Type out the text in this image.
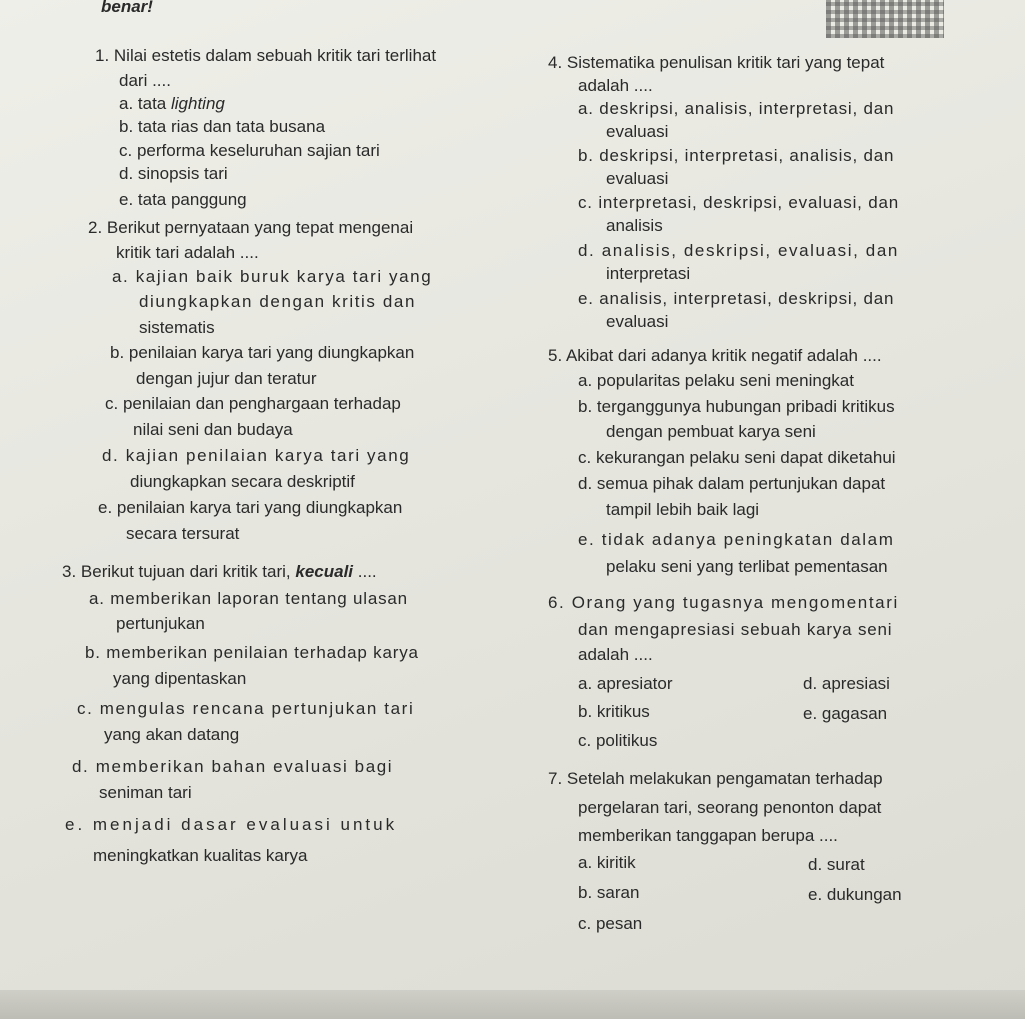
benar!
1. Nilai estetis dalam sebuah kritik tari terlihat
dari ....
a. tata lighting
b. tata rias dan tata busana
c. performa keseluruhan sajian tari
d. sinopsis tari
e. tata panggung
2. Berikut pernyataan yang tepat mengenai
kritik tari adalah ....
a. kajian baik buruk karya tari yang
diungkapkan dengan kritis dan
sistematis
b. penilaian karya tari yang diungkapkan
dengan jujur dan teratur
c. penilaian dan penghargaan terhadap
nilai seni dan budaya
d. kajian penilaian karya tari yang
diungkapkan secara deskriptif
e. penilaian karya tari yang diungkapkan
secara tersurat
3. Berikut tujuan dari kritik tari, kecuali ....
a. memberikan laporan tentang ulasan
pertunjukan
b. memberikan penilaian terhadap karya
yang dipentaskan
c. mengulas rencana pertunjukan tari
yang akan datang
d. memberikan bahan evaluasi bagi
seniman tari
e. menjadi dasar evaluasi untuk
meningkatkan kualitas karya
4. Sistematika penulisan kritik tari yang tepat
adalah ....
a. deskripsi, analisis, interpretasi, dan
evaluasi
b. deskripsi, interpretasi, analisis, dan
evaluasi
c. interpretasi, deskripsi, evaluasi, dan
analisis
d. analisis, deskripsi, evaluasi, dan
interpretasi
e. analisis, interpretasi, deskripsi, dan
evaluasi
5. Akibat dari adanya kritik negatif adalah ....
a. popularitas pelaku seni meningkat
b. terganggunya hubungan pribadi kritikus
dengan pembuat karya seni
c. kekurangan pelaku seni dapat diketahui
d. semua pihak dalam pertunjukan dapat
tampil lebih baik lagi
e. tidak adanya peningkatan dalam
pelaku seni yang terlibat pementasan
6. Orang yang tugasnya mengomentari
dan mengapresiasi sebuah karya seni
adalah ....
a. apresiator
b. kritikus
c. politikus
d. apresiasi
e. gagasan
7. Setelah melakukan pengamatan terhadap
pergelaran tari, seorang penonton dapat
memberikan tanggapan berupa ....
a. kiritik
b. saran
c. pesan
d. surat
e. dukungan
